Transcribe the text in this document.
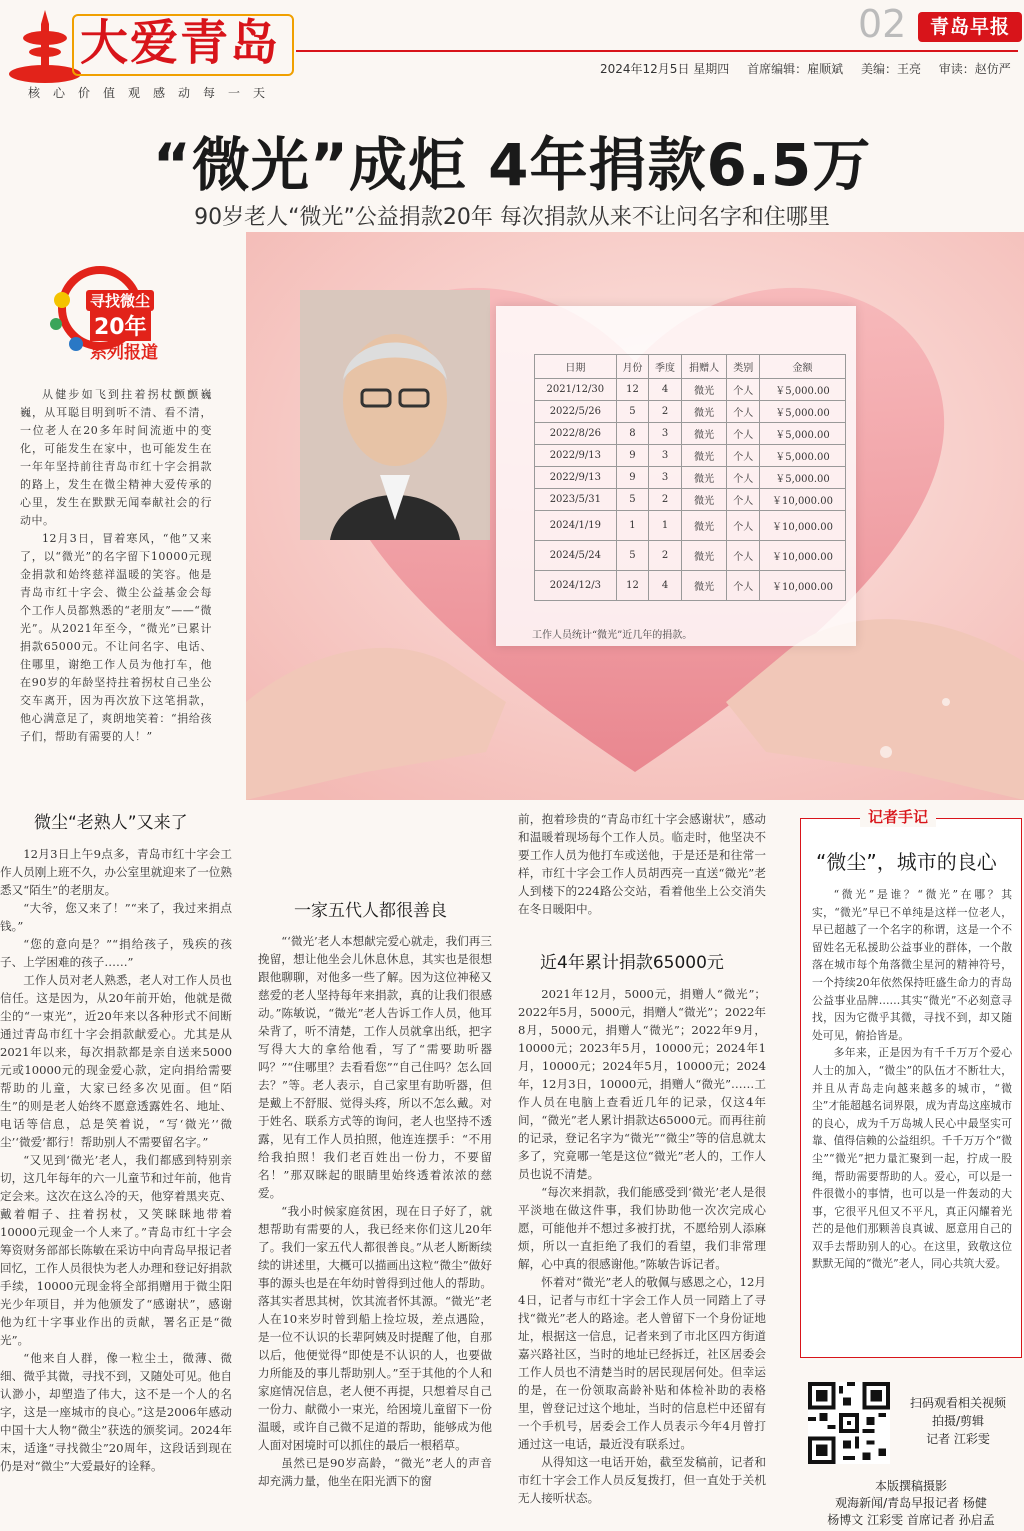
大爱青岛
核心价值观感动每一天
02	青岛早报
2024年12月5日 星期四 首席编辑：雇顺斌 美编：王亮 审读：赵仿严
“微光”成炬 4年捐款6.5万
90岁老人“微光”公益捐款20年 每次捐款从来不让问名字和住哪里
日期	月份	季度	捐赠人	类别	金额
2021/12/30	12	4	微光	个人	￥5,000.00
2022/5/26	5	2	微光	个人	￥5,000.00
2022/8/26	8	3	微光	个人	￥5,000.00
2022/9/13	9	3	微光	个人	￥5,000.00
2022/9/13	9	3	微光	个人	￥5,000.00
2023/5/31	5	2	微光	个人	￥10,000.00
2024/1/19	1	1	微光	个人	￥10,000.00
2024/5/24	5	2	微光	个人	￥10,000.00
2024/12/3	12	4	微光	个人	￥10,000.00
工作人员统计“微光”近几年的捐款。
寻找微尘
20年
系列报道

从健步如飞到拄着拐杖颤颤巍巍，从耳聪目明到听不清、看不清，一位老人在20多年时间流逝中的变化，可能发生在家中，也可能发生在一年年坚持前往青岛市红十字会捐款的路上，发生在微尘精神大爱传承的心里，发生在默默无闻奉献社会的行动中。

12月3日，冒着寒风，“他”又来了，以“微光”的名字留下10000元现金捐款和始终慈祥温暖的笑容。他是青岛市红十字会、微尘公益基金会每个工作人员都熟悉的“老朋友”——“微光”。从2021年至今，“微光”已累计捐款65000元。不让问名字、电话、住哪里，谢绝工作人员为他打车，他在90岁的年龄坚持拄着拐杖自己坐公交车离开，因为再次放下这笔捐款，他心满意足了，爽朗地笑着：“捐给孩子们，帮助有需要的人！”

微尘“老熟人”又来了

12月3日上午9点多，青岛市红十字会工作人员刚上班不久，办公室里就迎来了一位熟悉又“陌生”的老朋友。

“大爷，您又来了！”“来了，我过来捐点钱。”

“您的意向是？”“捐给孩子，残疾的孩子、上学困难的孩子……”

工作人员对老人熟悉，老人对工作人员也信任。这是因为，从20年前开始，他就是微尘的“一束光”，近20年来以各种形式不间断通过青岛市红十字会捐款献爱心。尤其是从2021年以来，每次捐款都是亲自送来5000元或10000元的现金爱心款，定向捐给需要帮助的儿童，大家已经多次见面。但“陌生”的则是老人始终不愿意透露姓名、地址、电话等信息，总是笑着说，“写‘微光’‘微尘’‘微爱’都行！帮助别人不需要留名字。”

“又见到‘微光’老人，我们都感到特别亲切，这几年每年的六一儿童节和过年前，他肯定会来。这次在这么冷的天，他穿着黑夹克、戴着帽子、拄着拐杖，又笑眯眯地带着10000元现金一个人来了。”青岛市红十字会筹资财务部部长陈敏在采访中向青岛早报记者回忆，工作人员很快为老人办理和登记好捐款手续，10000元现金将全部捐赠用于微尘阳光少年项目，并为他颁发了“感谢状”，感谢他为红十字事业作出的贡献，署名正是“微光”。

“他来自人群，像一粒尘土，微薄、微细、微乎其微，寻找不到，又随处可见。他自认渺小，却塑造了伟大，这不是一个人的名字，这是一座城市的良心。”这是2006年感动中国十大人物“微尘”获选的颁奖词。2024年末，适逢“寻找微尘”20周年，这段话到现在仍是对“微尘”大爱最好的诠释。

一家五代人都很善良

“‘微光’老人本想献完爱心就走，我们再三挽留，想让他坐会儿休息休息，其实也是很想跟他聊聊，对他多一些了解。因为这位神秘又慈爱的老人坚持每年来捐款，真的让我们很感动。”陈敏说，“微光”老人告诉工作人员，他耳朵背了，听不清楚，工作人员就拿出纸，把字写得大大的拿给他看，写了“需要助听器吗？”“住哪里？去看看您”“自己住吗？怎么回去？”等。老人表示，自己家里有助听器，但是戴上不舒服、觉得头疼，所以不怎么戴。对于姓名、联系方式等的询问，老人也坚持不透露，见有工作人员拍照，他连连摆手：“不用给我拍照！我们老百姓出一份力，不要留名！”那双眯起的眼睛里始终透着浓浓的慈爱。

“我小时候家庭贫困，现在日子好了，就想帮助有需要的人，我已经来你们这儿20年了。我们一家五代人都很善良。”从老人断断续续的讲述里，大概可以描画出这粒“微尘”做好事的源头也是在年幼时曾得到过他人的帮助。落其实者思其树，饮其流者怀其源。“微光”老人在10来岁时曾到船上捡垃圾，差点遇险，是一位不认识的长辈阿姨及时提醒了他，自那以后，他便觉得“即使是不认识的人，也要做力所能及的事儿帮助别人。”至于其他的个人和家庭情况信息，老人便不再提，只想着尽自己一份力、献微小一束光，给困境儿童留下一份温暖，或许自己微不足道的帮助，能够成为他人面对困境时可以抓住的最后一根稻草。

虽然已是90岁高龄，“微光”老人的声音却充满力量，他坐在阳光洒下的窗

前，抱着珍贵的“青岛市红十字会感谢状”，感动和温暖着现场每个工作人员。临走时，他坚决不要工作人员为他打车或送他，于是还是和往常一样，市红十字会工作人员胡西亮一直送“微光”老人到楼下的224路公交站，看着他坐上公交消失在冬日暖阳中。

近4年累计捐款65000元

2021年12月，5000元，捐赠人“微光”；2022年5月，5000元，捐赠人“微光”；2022年8月，5000元，捐赠人“微光”；2022年9月，10000元；2023年5月，10000元；2024年1月，10000元；2024年5月，10000元；2024年，12月3日，10000元，捐赠人“微光”……工作人员在电脑上查看近几年的记录，仅这4年间，“微光”老人累计捐款达65000元。而再往前的记录，登记名字为“微光”“微尘”等的信息就太多了，究竟哪一笔是这位“微光”老人的，工作人员也说不清楚。

“每次来捐款，我们能感受到‘微光’老人是很平淡地在做这件事，我们协助他一次次完成心愿，可能他并不想过多被打扰，不愿给别人添麻烦，所以一直拒绝了我们的看望，我们非常理解，心中真的很感谢他。”陈敏告诉记者。

怀着对“微光”老人的敬佩与感恩之心，12月4日，记者与市红十字会工作人员一同踏上了寻找“微光”老人的路途。老人曾留下一个身份证地址，根据这一信息，记者来到了市北区四方街道嘉兴路社区，当时的地址已经拆迁，社区居委会工作人员也不清楚当时的居民现居何处。但幸运的是，在一份领取高龄补贴和体检补助的表格里，曾登记过这个地址，当时的信息栏中还留有一个手机号，居委会工作人员表示今年4月曾打通过这一电话，最近没有联系过。

从得知这一电话开始，截至发稿前，记者和市红十字会工作人员反复拨打，但一直处于关机无人接听状态。

记者手记
“微尘”，城市的良心

“微光”是谁？“微光”在哪？其实，“微光”早已不单纯是这样一位老人，早已超越了一个名字的称谓，这是一个不留姓名无私援助公益事业的群体，一个散落在城市每个角落微尘星河的精神符号，一个持续20年依然保持旺盛生命力的青岛公益事业品牌……其实“微光”不必刻意寻找，因为它微乎其微，寻找不到，却又随处可见，俯拾皆是。

多年来，正是因为有千千万万个爱心人士的加入，“微尘”的队伍才不断壮大，并且从青岛走向越来越多的城市，“微尘”才能超越名词界限，成为青岛这座城市的良心，成为千万岛城人民心中最坚实可靠、值得信赖的公益组织。千千万万个“微尘”“微光”把力量汇聚到一起，拧成一股绳，帮助需要帮助的人。爱心，可以是一件很微小的事情，也可以是一件轰动的大事，它很平凡但又不平凡，真正闪耀着光芒的是他们那颗善良真诚、愿意用自己的双手去帮助别人的心。在这里，致敬这位默默无闻的“微光”老人，同心共筑大爱。

扫码观看相关视频
拍摄/剪辑
记者 江彩雯
本版撰稿摄影
观海新闻/青岛早报记者 杨健
杨博文 江彩雯 首席记者 孙启孟
